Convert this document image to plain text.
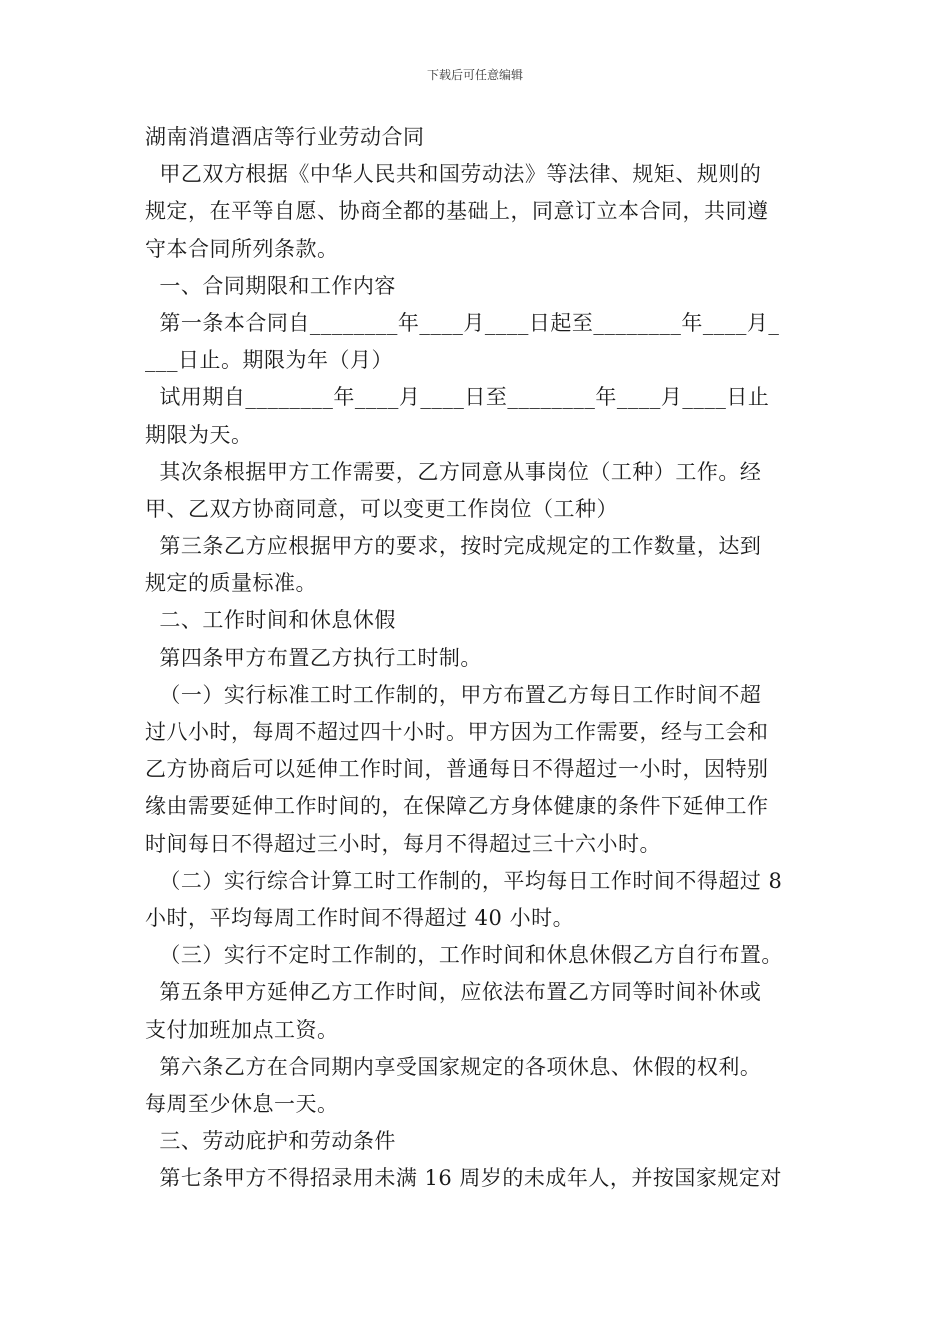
下载后可任意编辑
湖南消遣酒店等行业劳动合同
甲乙双方根据《中华人民共和国劳动法》等法律、规矩、规则的
规定，在平等自愿、协商全都的基础上，同意订立本合同，共同遵
守本合同所列条款。
一、合同期限和工作内容
第一条本合同自________年____月____日起至________年____月_
___日止。期限为年（月）
试用期自________年____月____日至________年____月____日止
期限为天。
其次条根据甲方工作需要，乙方同意从事岗位（工种）工作。经
甲、乙双方协商同意，可以变更工作岗位（工种）
第三条乙方应根据甲方的要求，按时完成规定的工作数量，达到
规定的质量标准。
二、工作时间和休息休假
第四条甲方布置乙方执行工时制。
（一）实行标准工时工作制的，甲方布置乙方每日工作时间不超
过八小时，每周不超过四十小时。甲方因为工作需要，经与工会和
乙方协商后可以延伸工作时间，普通每日不得超过一小时，因特别
缘由需要延伸工作时间的，在保障乙方身体健康的条件下延伸工作
时间每日不得超过三小时，每月不得超过三十六小时。
（二）实行综合计算工时工作制的，平均每日工作时间不得超过 8
小时，平均每周工作时间不得超过 40 小时。
（三）实行不定时工作制的，工作时间和休息休假乙方自行布置。
第五条甲方延伸乙方工作时间，应依法布置乙方同等时间补休或
支付加班加点工资。
第六条乙方在合同期内享受国家规定的各项休息、休假的权利。
每周至少休息一天。
三、劳动庇护和劳动条件
第七条甲方不得招录用未满 16 周岁的未成年人，并按国家规定对
